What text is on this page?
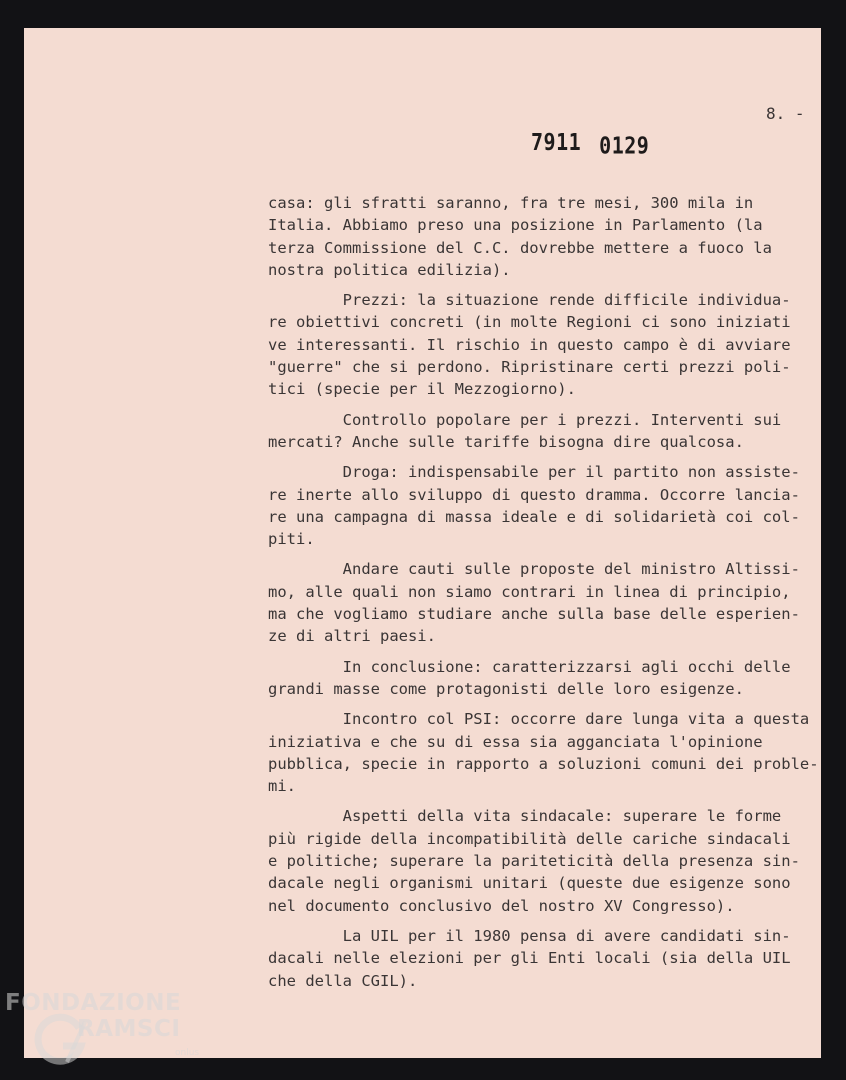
8. -

7911 0129

casa: gli sfratti saranno, fra tre mesi, 300 mila in
Italia. Abbiamo preso una posizione in Parlamento (la
terza Commissione del C.C. dovrebbe mettere a fuoco la
nostra politica edilizia).
Prezzi: la situazione rende difficile individua-
re obiettivi concreti (in molte Regioni ci sono iniziati
ve interessanti. Il rischio in questo campo è di avviare
"guerre" che si perdono. Ripristinare certi prezzi poli-
tici (specie per il Mezzogiorno).
Controllo popolare per i prezzi. Interventi sui
mercati? Anche sulle tariffe bisogna dire qualcosa.
Droga: indispensabile per il partito non assiste-
re inerte allo sviluppo di questo dramma. Occorre lancia-
re una campagna di massa ideale e di solidarietà coi col-
piti.
Andare cauti sulle proposte del ministro Altissi-
mo, alle quali non siamo contrari in linea di principio,
ma che vogliamo studiare anche sulla base delle esperien-
ze di altri paesi.
In conclusione: caratterizzarsi agli occhi delle
grandi masse come protagonisti delle loro esigenze.
Incontro col PSI: occorre dare lunga vita a questa
iniziativa e che su di essa sia agganciata l'opinione
pubblica, specie in rapporto a soluzioni comuni dei proble-
mi.
Aspetti della vita sindacale: superare le forme
più rigide della incompatibilità delle cariche sindacali
e politiche; superare la pariteticità della presenza sin-
dacale negli organismi unitari (queste due esigenze sono
nel documento conclusivo del nostro XV Congresso).
La UIL per il 1980 pensa di avere candidati sin-
dacali nelle elezioni per gli Enti locali (sia della UIL
che della CGIL).
FONDAZIONE
RAMSCI
onlus
